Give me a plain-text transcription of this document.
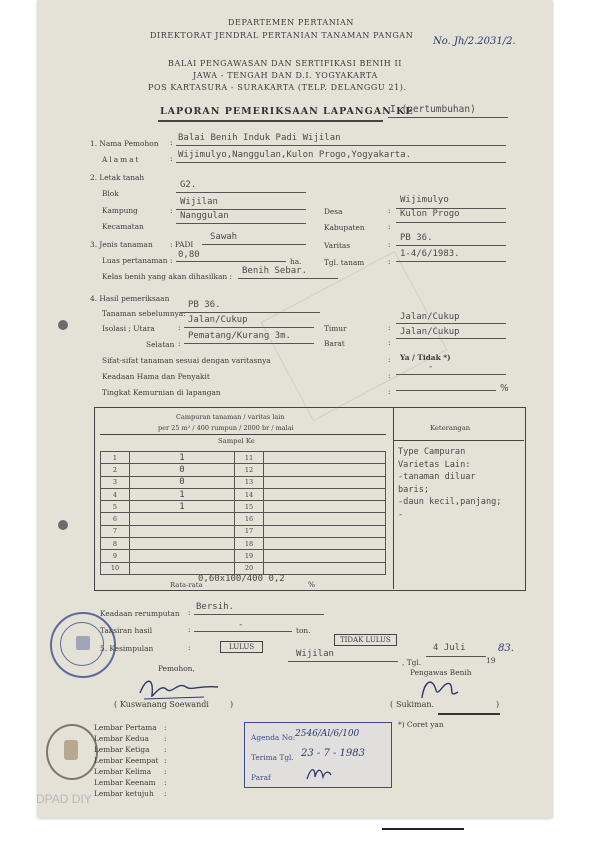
DEPARTEMEN PERTANIAN
DIREKTORAT JENDRAL PERTANIAN TANAMAN PANGAN
No. Jh/2.2031/2.
BALAI PENGAWASAN DAN SERTIFIKASI BENIH II
JAWA - TENGAH DAN D.I. YOGYAKARTA
POS KARTASURA - SURAKARTA (TELP. DELANGGU 21).
LAPORAN PEMERIKSAAN LAPANGAN KE
I (pertumbuhan)
1. Nama Pemohon : Balai Benih Induk Padi Wijilan
Alamat	: Wijimulyo,Nanggulan,Kulon Progo,Yogyakarta.
2. Letak tanah
Blok
G2.
Kampung	:
Wijilan
Desa	:
Wijimulyo
Kecamatan
Nanggulan
Kabupaten	:
Kulon Progo
3. Jenis tanaman : PADI
Sawah
Varitas	:
PB 36.
Luas pertanaman :
0,80
ha.	Tgl. tanam	:
1-4/6/1983.
Kelas benih yang akan dihasilkan :
Benih Sebar.
4. Hasil pemeriksaan
Tanaman sebelumnya:
PB 36.
Isolasi ; Utara	:
Jalan/Cukup
Timur	:
Jalan/Cukup
Selatan :
Pematang/Kurang 3m.
Barat	:
Jalan/Cukup
Sifat-sifat tanaman sesuai dengan varitasnya	: Ya / Tidak *)
Keadaan Hama dan Penyakit	:
-
Tingkat Kemurnian di lapangan	:	%
Keterangan
Campuran tanaman / varitas lain
per 25 m² / 400 rumpun / 2000 br / malai
Sampel Ke
1	1	11	
2	0	12	
3	0	13	
4	1	14	
5	1	15	
6		16	
7		17	
8		18	
9		19	
10		20	
Type Campuran
Varietas Lain:
-tanaman diluar
baris;
-daun kecil,panjang;
-
Rata-rata
0,60x100/400 0,2
%
Keadaan rerumputan :
Bersih.
Taksiran hasil	:	-
ton.
5. Kesimpulan	:	LULUS
TIDAK LULUS
Wijilan
, Tgl.
4 Juli
19
83.
Pemohon,	Pengawas Benih
Kuswanang Soewandi
(	)	( Sukiman.	)
Lembar Pertama :
Lembar Kedua :
Lembar Ketiga :
Lembar Keempat :
Lembar Kelima :
Lembar Keenam :
Lembar ketujuh :
*) Coret yan
Agenda No: 2546/Al/6/100
Terima Tgl. 23 - 7 - 1983
Paraf
DPAD DIY
